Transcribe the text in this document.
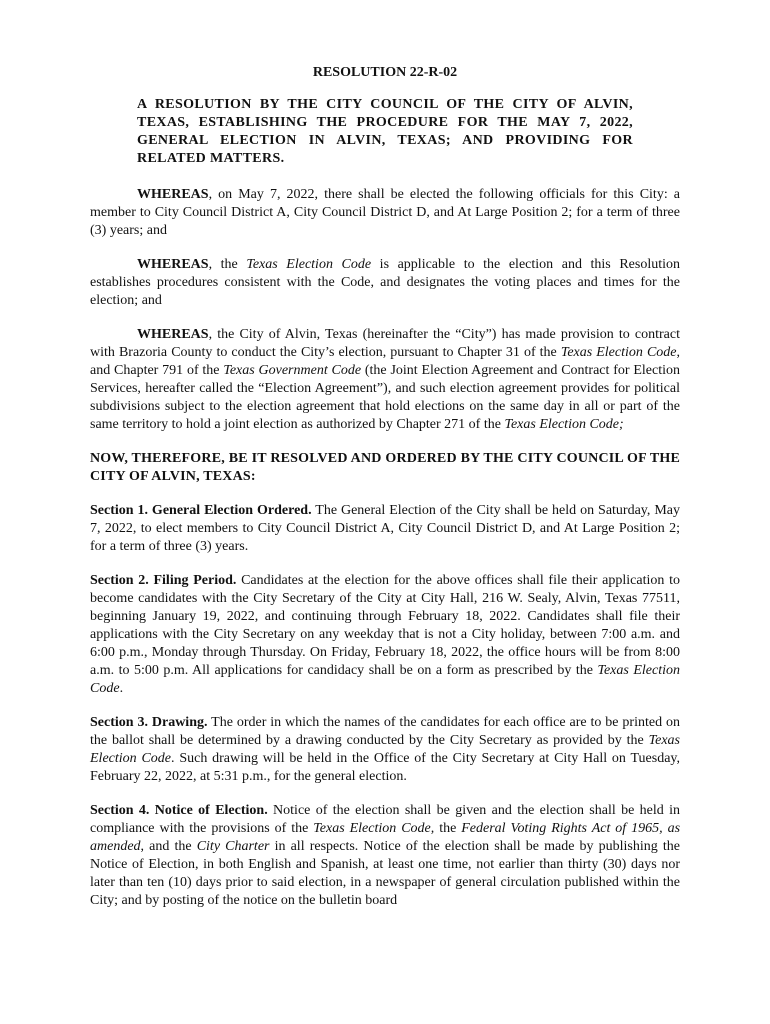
RESOLUTION 22-R-02
A RESOLUTION BY THE CITY COUNCIL OF THE CITY OF ALVIN, TEXAS, ESTABLISHING THE PROCEDURE FOR THE MAY 7, 2022, GENERAL ELECTION IN ALVIN, TEXAS; AND PROVIDING FOR RELATED MATTERS.

WHEREAS, on May 7, 2022, there shall be elected the following officials for this City: a member to City Council District A, City Council District D, and At Large Position 2; for a term of three (3) years; and

WHEREAS, the Texas Election Code is applicable to the election and this Resolution establishes procedures consistent with the Code, and designates the voting places and times for the election; and

WHEREAS, the City of Alvin, Texas (hereinafter the “City”) has made provision to contract with Brazoria County to conduct the City’s election, pursuant to Chapter 31 of the Texas Election Code, and Chapter 791 of the Texas Government Code (the Joint Election Agreement and Contract for Election Services, hereafter called the “Election Agreement”), and such election agreement provides for political subdivisions subject to the election agreement that hold elections on the same day in all or part of the same territory to hold a joint election as authorized by Chapter 271 of the Texas Election Code;

NOW, THEREFORE, BE IT RESOLVED AND ORDERED BY THE CITY COUNCIL OF THE CITY OF ALVIN, TEXAS:

Section 1. General Election Ordered. The General Election of the City shall be held on Saturday, May 7, 2022, to elect members to City Council District A, City Council District D, and At Large Position 2; for a term of three (3) years.

Section 2. Filing Period. Candidates at the election for the above offices shall file their application to become candidates with the City Secretary of the City at City Hall, 216 W. Sealy, Alvin, Texas 77511, beginning January 19, 2022, and continuing through February 18, 2022. Candidates shall file their applications with the City Secretary on any weekday that is not a City holiday, between 7:00 a.m. and 6:00 p.m., Monday through Thursday. On Friday, February 18, 2022, the office hours will be from 8:00 a.m. to 5:00 p.m. All applications for candidacy shall be on a form as prescribed by the Texas Election Code.

Section 3. Drawing. The order in which the names of the candidates for each office are to be printed on the ballot shall be determined by a drawing conducted by the City Secretary as provided by the Texas Election Code. Such drawing will be held in the Office of the City Secretary at City Hall on Tuesday, February 22, 2022, at 5:31 p.m., for the general election.

Section 4. Notice of Election. Notice of the election shall be given and the election shall be held in compliance with the provisions of the Texas Election Code, the Federal Voting Rights Act of 1965, as amended, and the City Charter in all respects. Notice of the election shall be made by publishing the Notice of Election, in both English and Spanish, at least one time, not earlier than thirty (30) days nor later than ten (10) days prior to said election, in a newspaper of general circulation published within the City; and by posting of the notice on the bulletin board
